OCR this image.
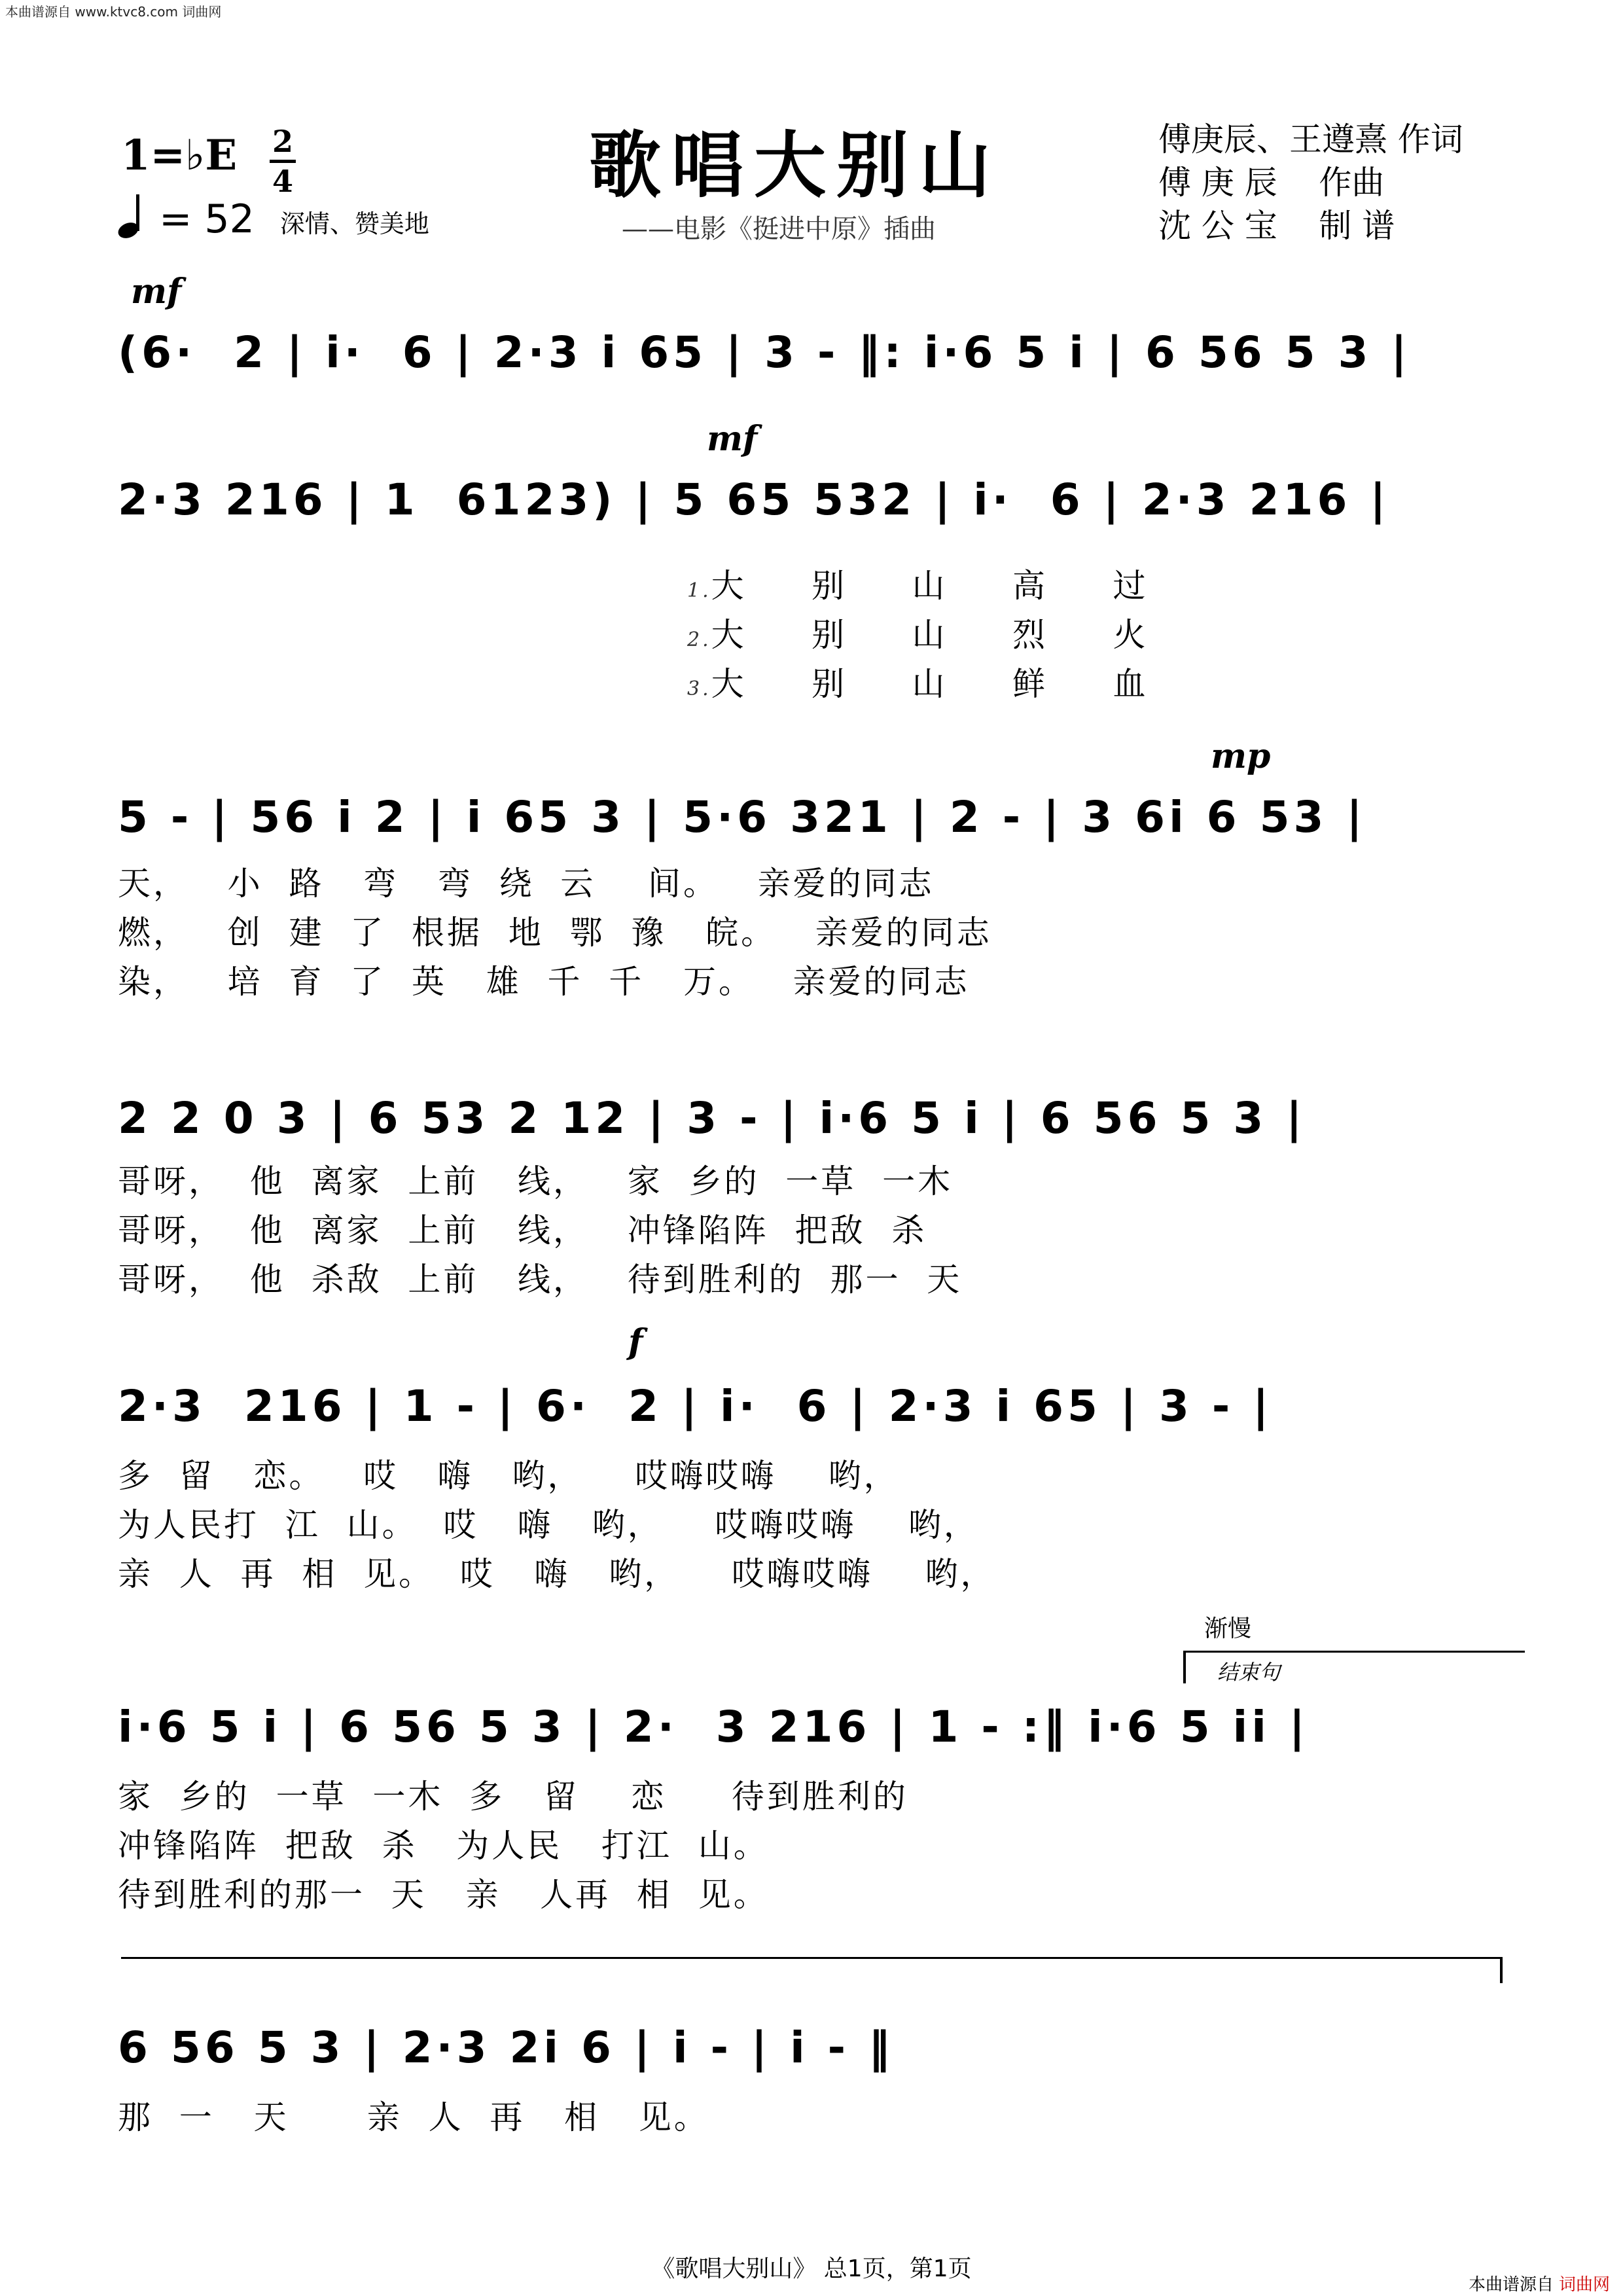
本曲谱源自 www.ktvc8.com 词曲网
歌唱大别山
——电影《挺进中原》插曲
傅庚辰、王遵熹 作词
傅 庚 辰    作曲
沈 公 宝    制 谱
1=♭E 2
4
= 52 深情、赞美地
mf
(6·  2 | i·  6 | 2·3 i 65 | 3 - ‖: i·6 5 i | 6 56 5 3 |
mf
2·3 216 | 1  6123) | 5 65 532 | i·  6 | 2·3 216 |
1.大     别     山     高     过
2.大     别     山     烈     火
3.大     别     山     鲜     血
mp
5 - | 56 i 2 | i 65 3 | 5·6 321 | 2 - | 3 6i 6 53 |
天，   小  路   弯   弯  绕  云    间。   亲爱的同志
燃，   创  建  了  根据  地  鄂  豫   皖。   亲爱的同志
染，   培  育  了  英   雄  千  千   万。   亲爱的同志
2 2 0 3 | 6 53 2 12 | 3 - | i·6 5 i | 6 56 5 3 |
哥呀，  他  离家  上前   线，   家  乡的  一草  一木
哥呀，  他  离家  上前   线，   冲锋陷阵  把敌  杀
哥呀，  他  杀敌  上前   线，   待到胜利的  那一  天
f
2·3  216 | 1 - | 6·  2 | i·  6 | 2·3 i 65 | 3 - |
多  留   恋。   哎   嗨   哟，    哎嗨哎嗨    哟，
为人民打  江  山。  哎   嗨   哟，    哎嗨哎嗨    哟，
亲  人  再  相  见。  哎   嗨   哟，    哎嗨哎嗨    哟，
渐慢
结束句
i·6 5 i | 6 56 5 3 | 2·  3 216 | 1 - :‖ i·6 5 ii |
家  乡的  一草  一木  多   留    恋     待到胜利的
冲锋陷阵  把敌  杀   为人民   打江  山。
待到胜利的那一  天   亲   人再  相  见。
6 56 5 3 | 2·3 2i 6 | i - | i - ‖
那  一   天      亲  人  再   相   见。
《歌唱大别山》 总1页，第1页
本曲谱源自 词曲网
